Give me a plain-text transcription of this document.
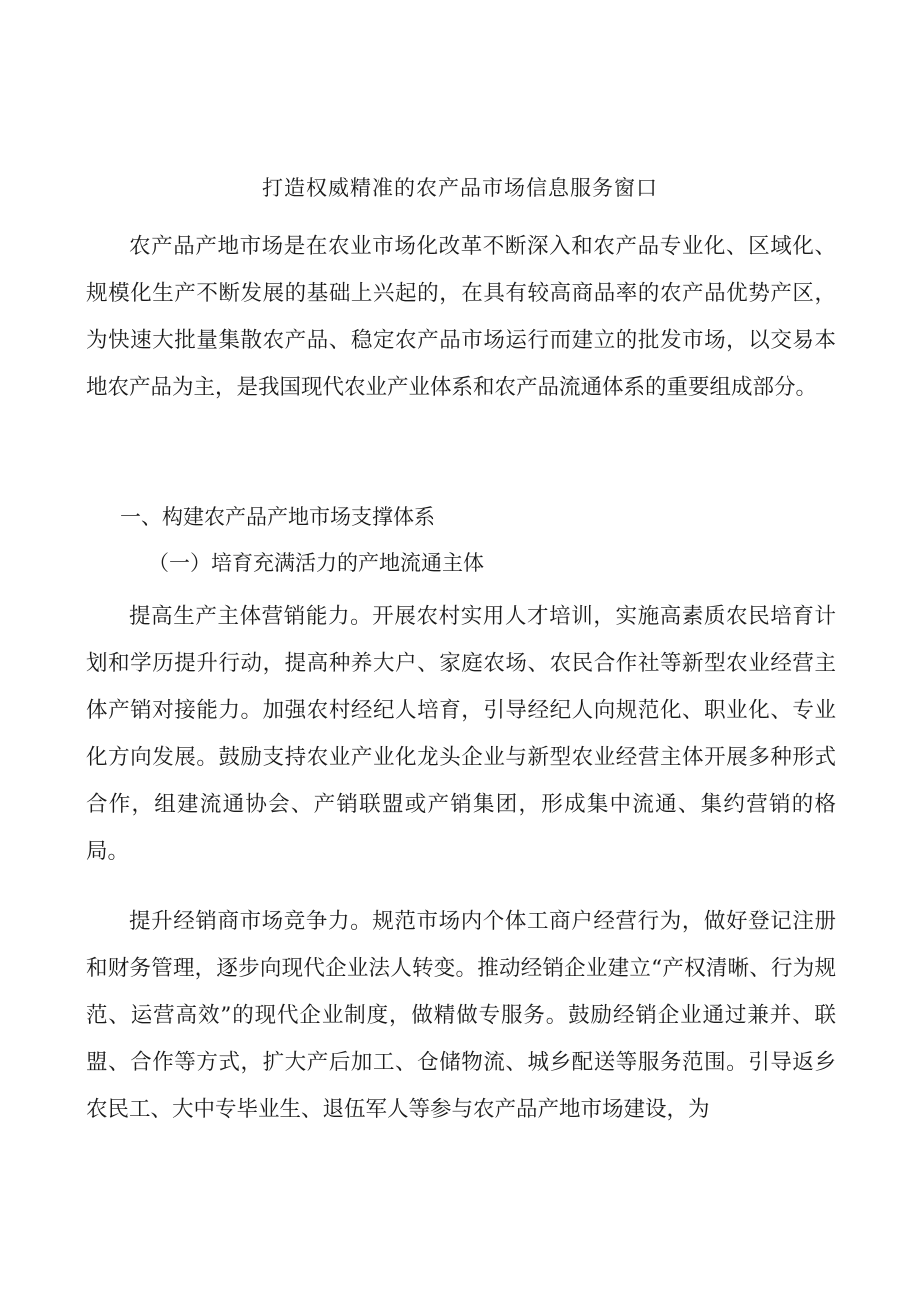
打造权威精准的农产品市场信息服务窗口

农产品产地市场是在农业市场化改革不断深入和农产品专业化、区域化、规模化生产不断发展的基础上兴起的，在具有较高商品率的农产品优势产区，为快速大批量集散农产品、稳定农产品市场运行而建立的批发市场，以交易本地农产品为主，是我国现代农业产业体系和农产品流通体系的重要组成部分。

一、构建农产品产地市场支撑体系
（一）培育充满活力的产地流通主体

提高生产主体营销能力。开展农村实用人才培训，实施高素质农民培育计划和学历提升行动，提高种养大户、家庭农场、农民合作社等新型农业经营主体产销对接能力。加强农村经纪人培育，引导经纪人向规范化、职业化、专业化方向发展。鼓励支持农业产业化龙头企业与新型农业经营主体开展多种形式合作，组建流通协会、产销联盟或产销集团，形成集中流通、集约营销的格局。

提升经销商市场竞争力。规范市场内个体工商户经营行为，做好登记注册和财务管理，逐步向现代企业法人转变。推动经销企业建立“产权清晰、行为规范、运营高效”的现代企业制度，做精做专服务。鼓励经销企业通过兼并、联盟、合作等方式，扩大产后加工、仓储物流、城乡配送等服务范围。引导返乡农民工、大中专毕业生、退伍军人等参与农产品产地市场建设，为
